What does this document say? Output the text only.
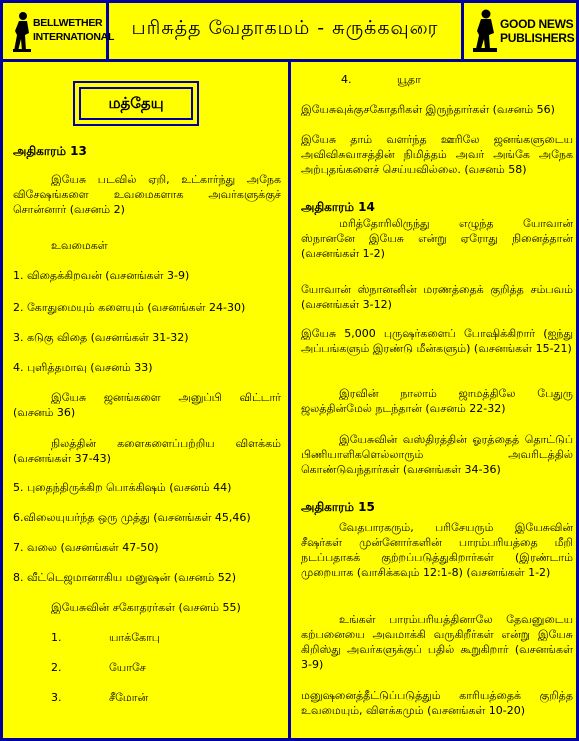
BELLWETHER
INTERNATIONAL பரிசுத்த வேதாகமம் - சுருக்கவுரை	GOOD NEWS
PUBLISHERS
மத்தேயு
அதிகாரம் 13
இயேசு படவில் ஏறி, உட்கார்ந்து அநேக விசேஷங்களை உவமைகளாக அவர்களுக்குச் சொன்னார் (வசனம் 2)
உவமைகள்
1. விதைக்கிறவன் (வசனங்கள் 3-9)
2. கோதுமையும் களையும் (வசனங்கள் 24-30)
3. கடுகு விதை (வசனங்கள் 31-32)
4. புளித்தமாவு (வசனம் 33)
இயேசு ஜனங்களை அனுப்பி விட்டார் (வசனம் 36)
நிலத்தின் களைகளைப்பற்றிய விளக்கம் (வசனங்கள் 37-43)
5. புதைந்திருக்கிற பொக்கிஷம் (வசனம் 44)
6.விலையுயர்ந்த ஒரு முத்து (வசனங்கள் 45,46)
7. வலை (வசனங்கள் 47-50)
8. வீட்டெஜமானாகிய மனுஷன் (வசனம் 52)
இயேசுவின் சகோதரர்கள் (வசனம் 55)
1.	யாக்கோபு
2.	யோசே
3.	சீமோன்
4.	யூதா
இயேசுவுக்குசகோதரிகள் இருந்தார்கள் (வசனம் 56)
இயேசு தாம் வளர்ந்த ஊரிலே ஜனங்களுடைய அவிவிசுவாசத்தின் நிமித்தம் அவர் அங்கே அநேக அற்புதங்களைச் செய்யவில்லை. (வசனம் 58)
அதிகாரம் 14
மரித்தோரிலிருந்து எழுந்த யோவான் ஸ்நானனே இயேசு என்று ஏரோது நினைத்தான் (வசனங்கள் 1-2)
யோவான் ஸ்நானனின் மரணத்தைக் குறித்த சம்பவம் (வசனங்கள் 3-12)
இயேசு 5,000 புருஷர்களைப் போஷிக்கிறார் (ஐந்து அப்பங்களும் இரண்டு மீன்களும்) (வசனங்கள் 15-21)
இரவின் நாலாம் ஜாமத்திலே பேதுரு ஜலத்தின்மேல் நடந்தான் (வசனம் 22-32)
இயேசுவின் வஸ்திரத்தின் ஓரத்தைத் தொட்டுப் பிணியாளிகளெல்லாரும் அவரிடத்தில் கொண்டுவந்தார்கள் (வசனங்கள் 34-36)
அதிகாரம் 15
வேதபாரகரும், பரிசேயரும் இயேசுவின் சீஷர்கள் முன்னோர்களின் பாரம்பரியத்தை மீறி நடப்பதாகக் குற்றப்படுத்துகிறார்கள் (இரண்டாம் முறையாக (வாசிக்கவும் 12:1-8) (வசனங்கள் 1-2)
உங்கள் பாரம்பரியத்தினாலே தேவனுடைய கற்பனையை அவமாக்கி வருகிறீர்கள் என்று இயேசு கிறிஸ்து அவர்களுக்குப் பதில் கூறுகிறார் (வசனங்கள் 3-9)
மனுஷனைத்தீட்டுப்படுத்தும் காரியத்தைக் குறித்த உவமையும், விளக்கமும் (வசனங்கள் 10-20)
